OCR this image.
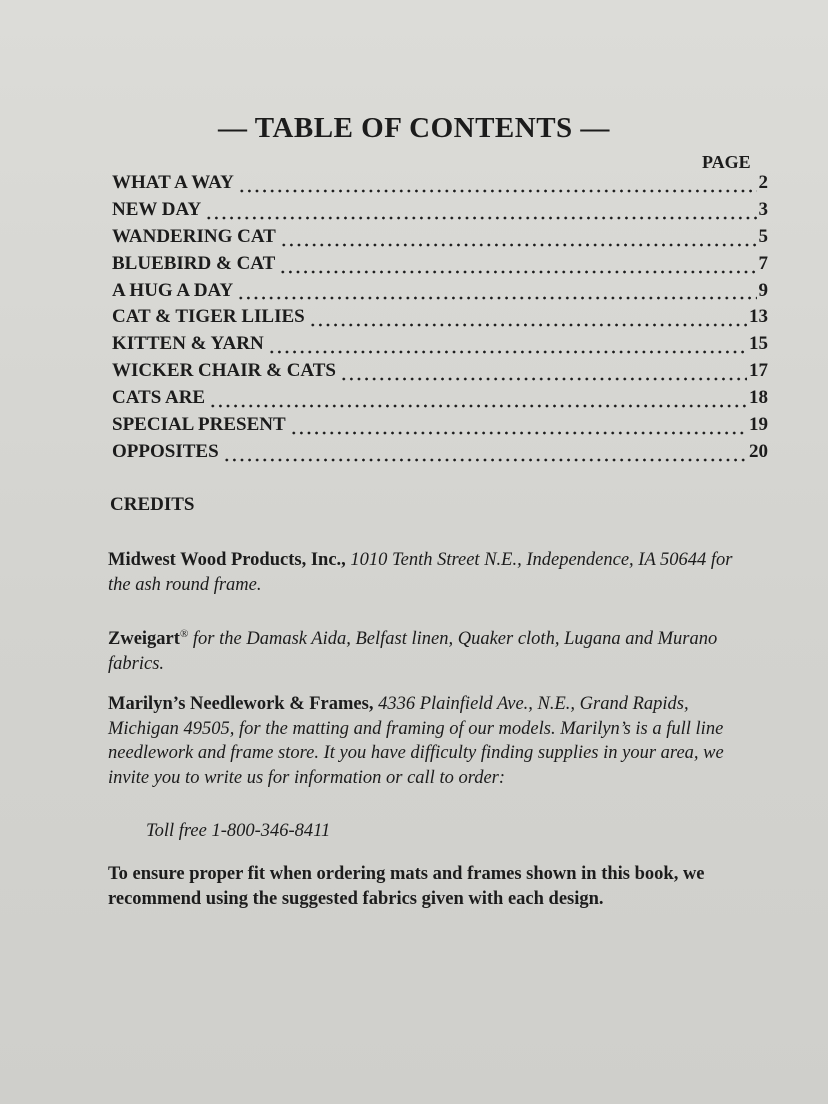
— TABLE OF CONTENTS —
PAGE
WHAT A WAY	2
NEW DAY	3
WANDERING CAT	5
BLUEBIRD & CAT	7
A HUG A DAY	9
CAT & TIGER LILIES	13
KITTEN & YARN	15
WICKER CHAIR & CATS	17
CATS ARE	18
SPECIAL PRESENT	19
OPPOSITES	20
CREDITS
Midwest Wood Products, Inc., 1010 Tenth Street N.E., Independence, IA 50644 for the ash round frame.
Zweigart® for the Damask Aida, Belfast linen, Quaker cloth, Lugana and Murano fabrics.
Marilyn’s Needlework & Frames, 4336 Plainfield Ave., N.E., Grand Rapids, Michigan 49505, for the matting and framing of our models. Marilyn’s is a full line needlework and frame store. It you have difficulty finding supplies in your area, we invite you to write us for information or call to order:
Toll free 1-800-346-8411
To ensure proper fit when ordering mats and frames shown in this book, we recommend using the suggested fabrics given with each design.
